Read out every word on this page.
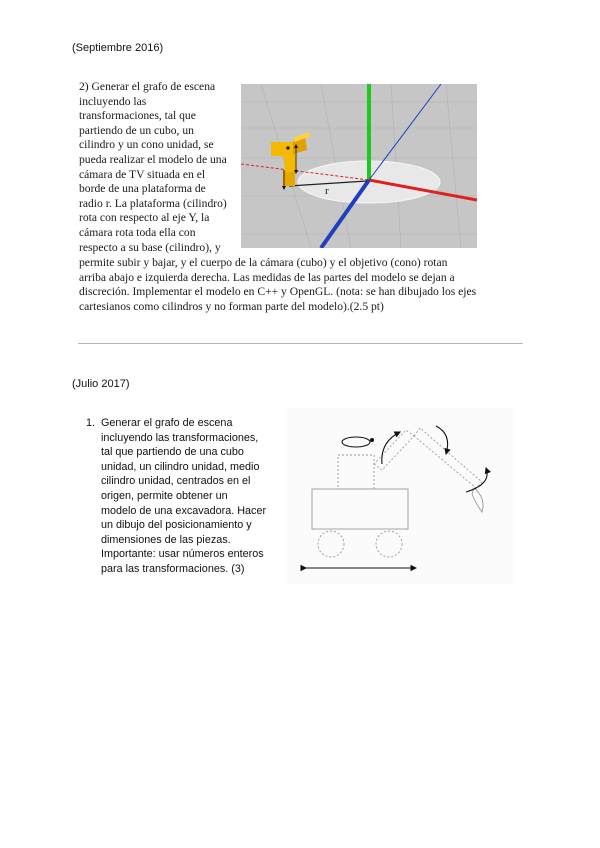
(Septiembre 2016)
2) Generar el grafo de escena
incluyendo las
transformaciones, tal que
partiendo de un cubo, un
cilindro y un cono unidad, se
pueda realizar el modelo de una
cámara de TV situada en el
borde de una plataforma de
radio r. La plataforma (cilindro)
rota con respecto al eje Y, la
cámara rota toda ella con
respecto a su base (cilindro), y
r
permite subir y bajar, y el cuerpo de la cámara (cubo) y el objetivo (cono) rotan
arriba abajo e izquierda derecha. Las medidas de las partes del modelo se dejan a
discreción. Implementar el modelo en C++ y OpenGL. (nota: se han dibujado los ejes
cartesianos como cilindros y no forman parte del modelo).(2.5 pt)
(Julio 2017)
1. Generar el grafo de escena
incluyendo las transformaciones,
tal que partiendo de una cubo
unidad, un cilindro unidad, medio
cilindro unidad, centrados en el
origen, permite obtener un
modelo de una excavadora. Hacer
un dibujo del posicionamiento y
dimensiones de las piezas.
Importante: usar números enteros
para las transformaciones. (3)
